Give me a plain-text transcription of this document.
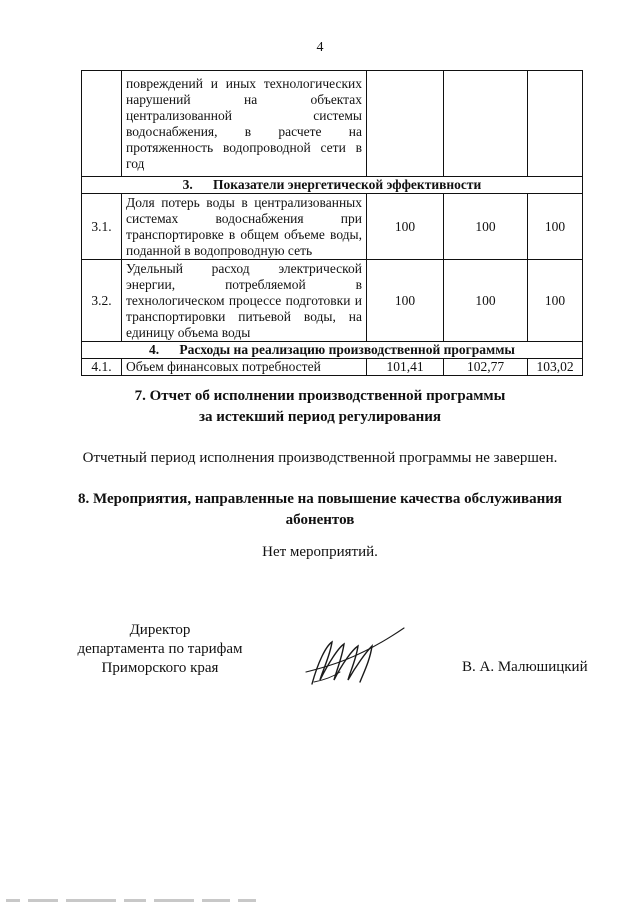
4
	повреждений и иных технологических нарушений на объектах централизованной системы водоснабжения, в расчете на протяженность водопроводной сети в год			
3. Показатели энергетической эффективности				
3.1.	Доля потерь воды в централизованных системах водоснабжения при транспортировке в общем объеме воды, поданной в водопроводную сеть	100	100	100
3.2.	Удельный расход электрической энергии, потребляемой в технологическом процессе подготовки и транспортировки питьевой воды, на единицу объема воды	100	100	100
4. Расходы на реализацию производственной программы				
4.1.	Объем финансовых потребностей	101,41	102,77	103,02
7. Отчет об исполнении производственной программы
за истекший период регулирования
Отчетный период исполнения производственной программы не завершен.
8. Мероприятия, направленные на повышение качества обслуживания
абонентов
Нет мероприятий.
Директор
департамента по тарифам
Приморского края	В. А. Малюшицкий
